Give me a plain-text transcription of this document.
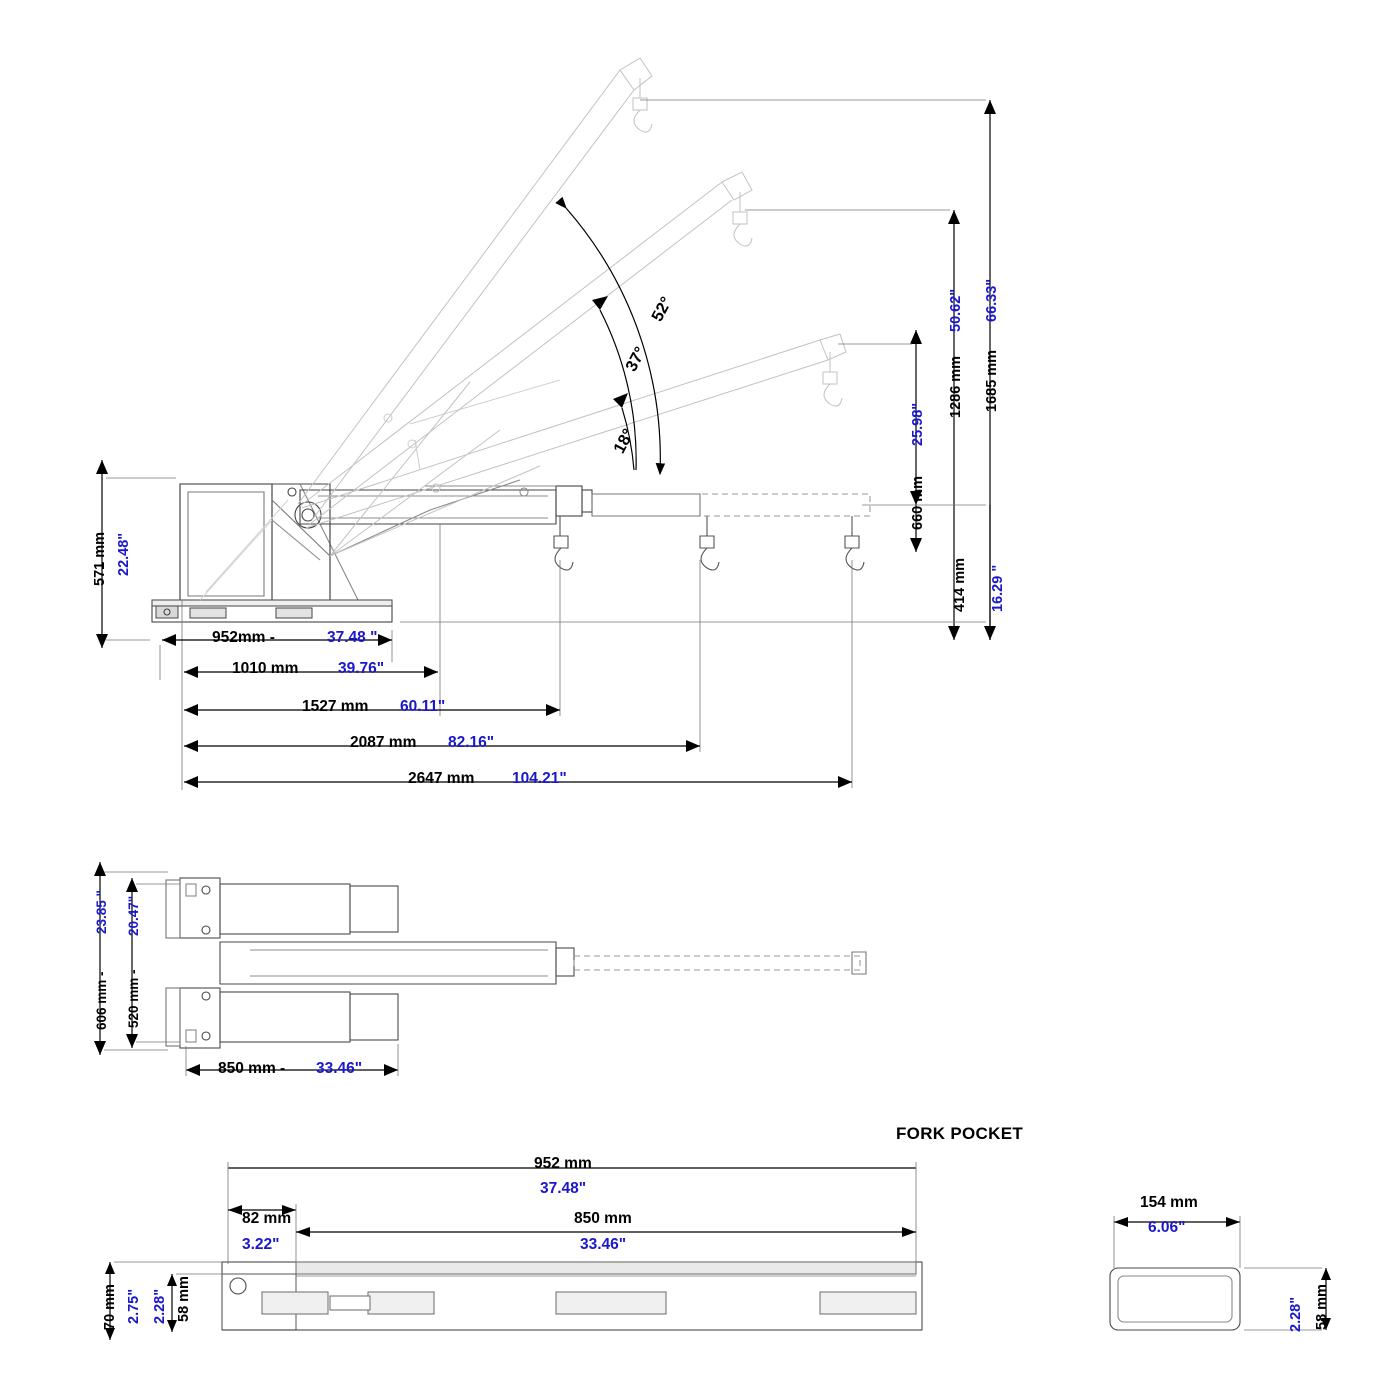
52°
37°
18°
1685 mm
66.33"
1286 mm
50.62"
660 mm
25.98"
414 mm 16.29 "
571 mm 22.48"
952mm -	37.48 "
1010 mm	39.76"
1527 mm 60.11"
2087 mm 82.16"
2647 mm 104.21"
606 mm -
23.85 "
520 mm -
20.47"
850 mm - 33.46"
FORK POCKET
952 mm
37.48"
82 mm
3.22"
850 mm
33.46"
70 mm 2.75" 2.28" 58 mm
154 mm
6.06"
2.28" 58 mm
